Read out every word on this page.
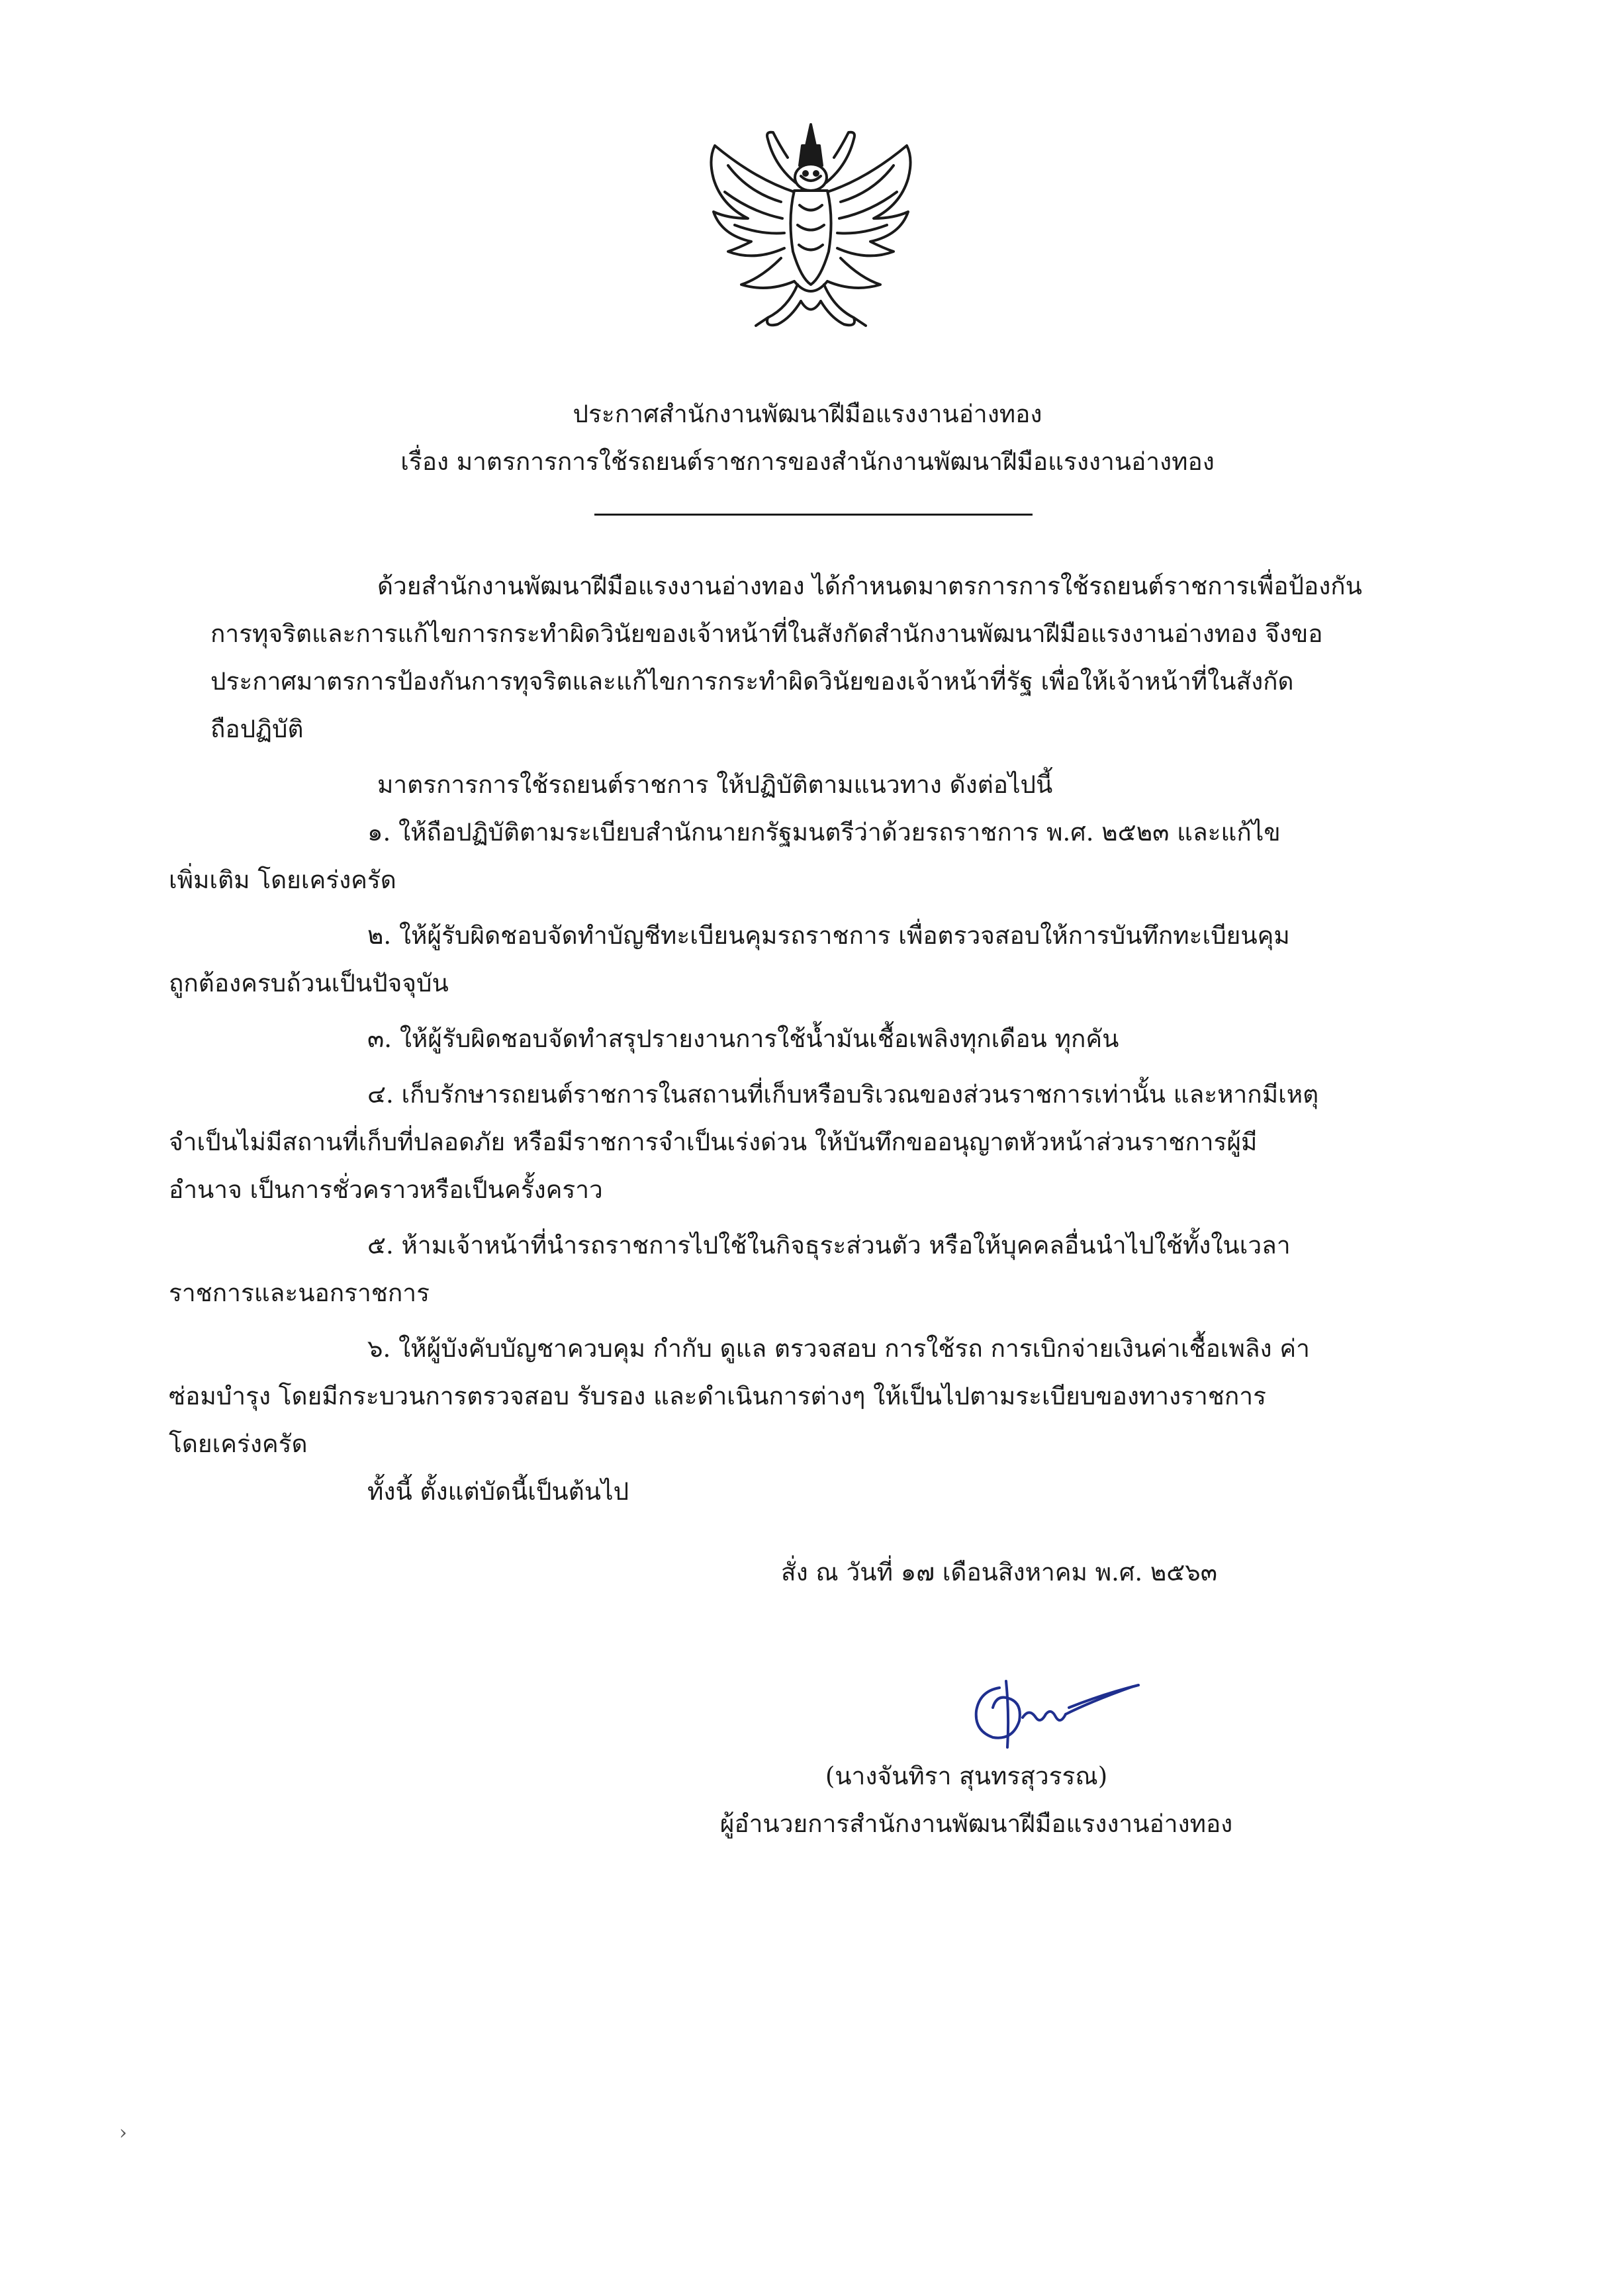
ประกาศสำนักงานพัฒนาฝีมือแรงงานอ่างทอง
เรื่อง มาตรการการใช้รถยนต์ราชการของสำนักงานพัฒนาฝีมือแรงงานอ่างทอง
ด้วยสำนักงานพัฒนาฝีมือแรงงานอ่างทอง ได้กำหนดมาตรการการใช้รถยนต์ราชการเพื่อป้องกัน
การทุจริตและการแก้ไขการกระทำผิดวินัยของเจ้าหน้าที่ในสังกัดสำนักงานพัฒนาฝีมือแรงงานอ่างทอง จึงขอ
ประกาศมาตรการป้องกันการทุจริตและแก้ไขการกระทำผิดวินัยของเจ้าหน้าที่รัฐ เพื่อให้เจ้าหน้าที่ในสังกัด
ถือปฏิบัติ
มาตรการการใช้รถยนต์ราชการ ให้ปฏิบัติตามแนวทาง ดังต่อไปนี้
๑. ให้ถือปฏิบัติตามระเบียบสำนักนายกรัฐมนตรีว่าด้วยรถราชการ พ.ศ. ๒๕๒๓ และแก้ไข
เพิ่มเติม โดยเคร่งครัด
๒. ให้ผู้รับผิดชอบจัดทำบัญชีทะเบียนคุมรถราชการ เพื่อตรวจสอบให้การบันทึกทะเบียนคุม
ถูกต้องครบถ้วนเป็นปัจจุบัน
๓. ให้ผู้รับผิดชอบจัดทำสรุปรายงานการใช้น้ำมันเชื้อเพลิงทุกเดือน ทุกคัน
๔. เก็บรักษารถยนต์ราชการในสถานที่เก็บหรือบริเวณของส่วนราชการเท่านั้น และหากมีเหตุ
จำเป็นไม่มีสถานที่เก็บที่ปลอดภัย หรือมีราชการจำเป็นเร่งด่วน ให้บันทึกขออนุญาตหัวหน้าส่วนราชการผู้มี
อำนาจ เป็นการชั่วคราวหรือเป็นครั้งคราว
๕. ห้ามเจ้าหน้าที่นำรถราชการไปใช้ในกิจธุระส่วนตัว หรือให้บุคคลอื่นนำไปใช้ทั้งในเวลา
ราชการและนอกราชการ
๖. ให้ผู้บังคับบัญชาควบคุม กำกับ ดูแล ตรวจสอบ การใช้รถ การเบิกจ่ายเงินค่าเชื้อเพลิง ค่า
ซ่อมบำรุง โดยมีกระบวนการตรวจสอบ รับรอง และดำเนินการต่างๆ ให้เป็นไปตามระเบียบของทางราชการ
โดยเคร่งครัด
ทั้งนี้ ตั้งแต่บัดนี้เป็นต้นไป
สั่ง ณ วันที่ ๑๗ เดือนสิงหาคม พ.ศ. ๒๕๖๓
(นางจันทิรา สุนทรสุวรรณ)
ผู้อำนวยการสำนักงานพัฒนาฝีมือแรงงานอ่างทอง
›
